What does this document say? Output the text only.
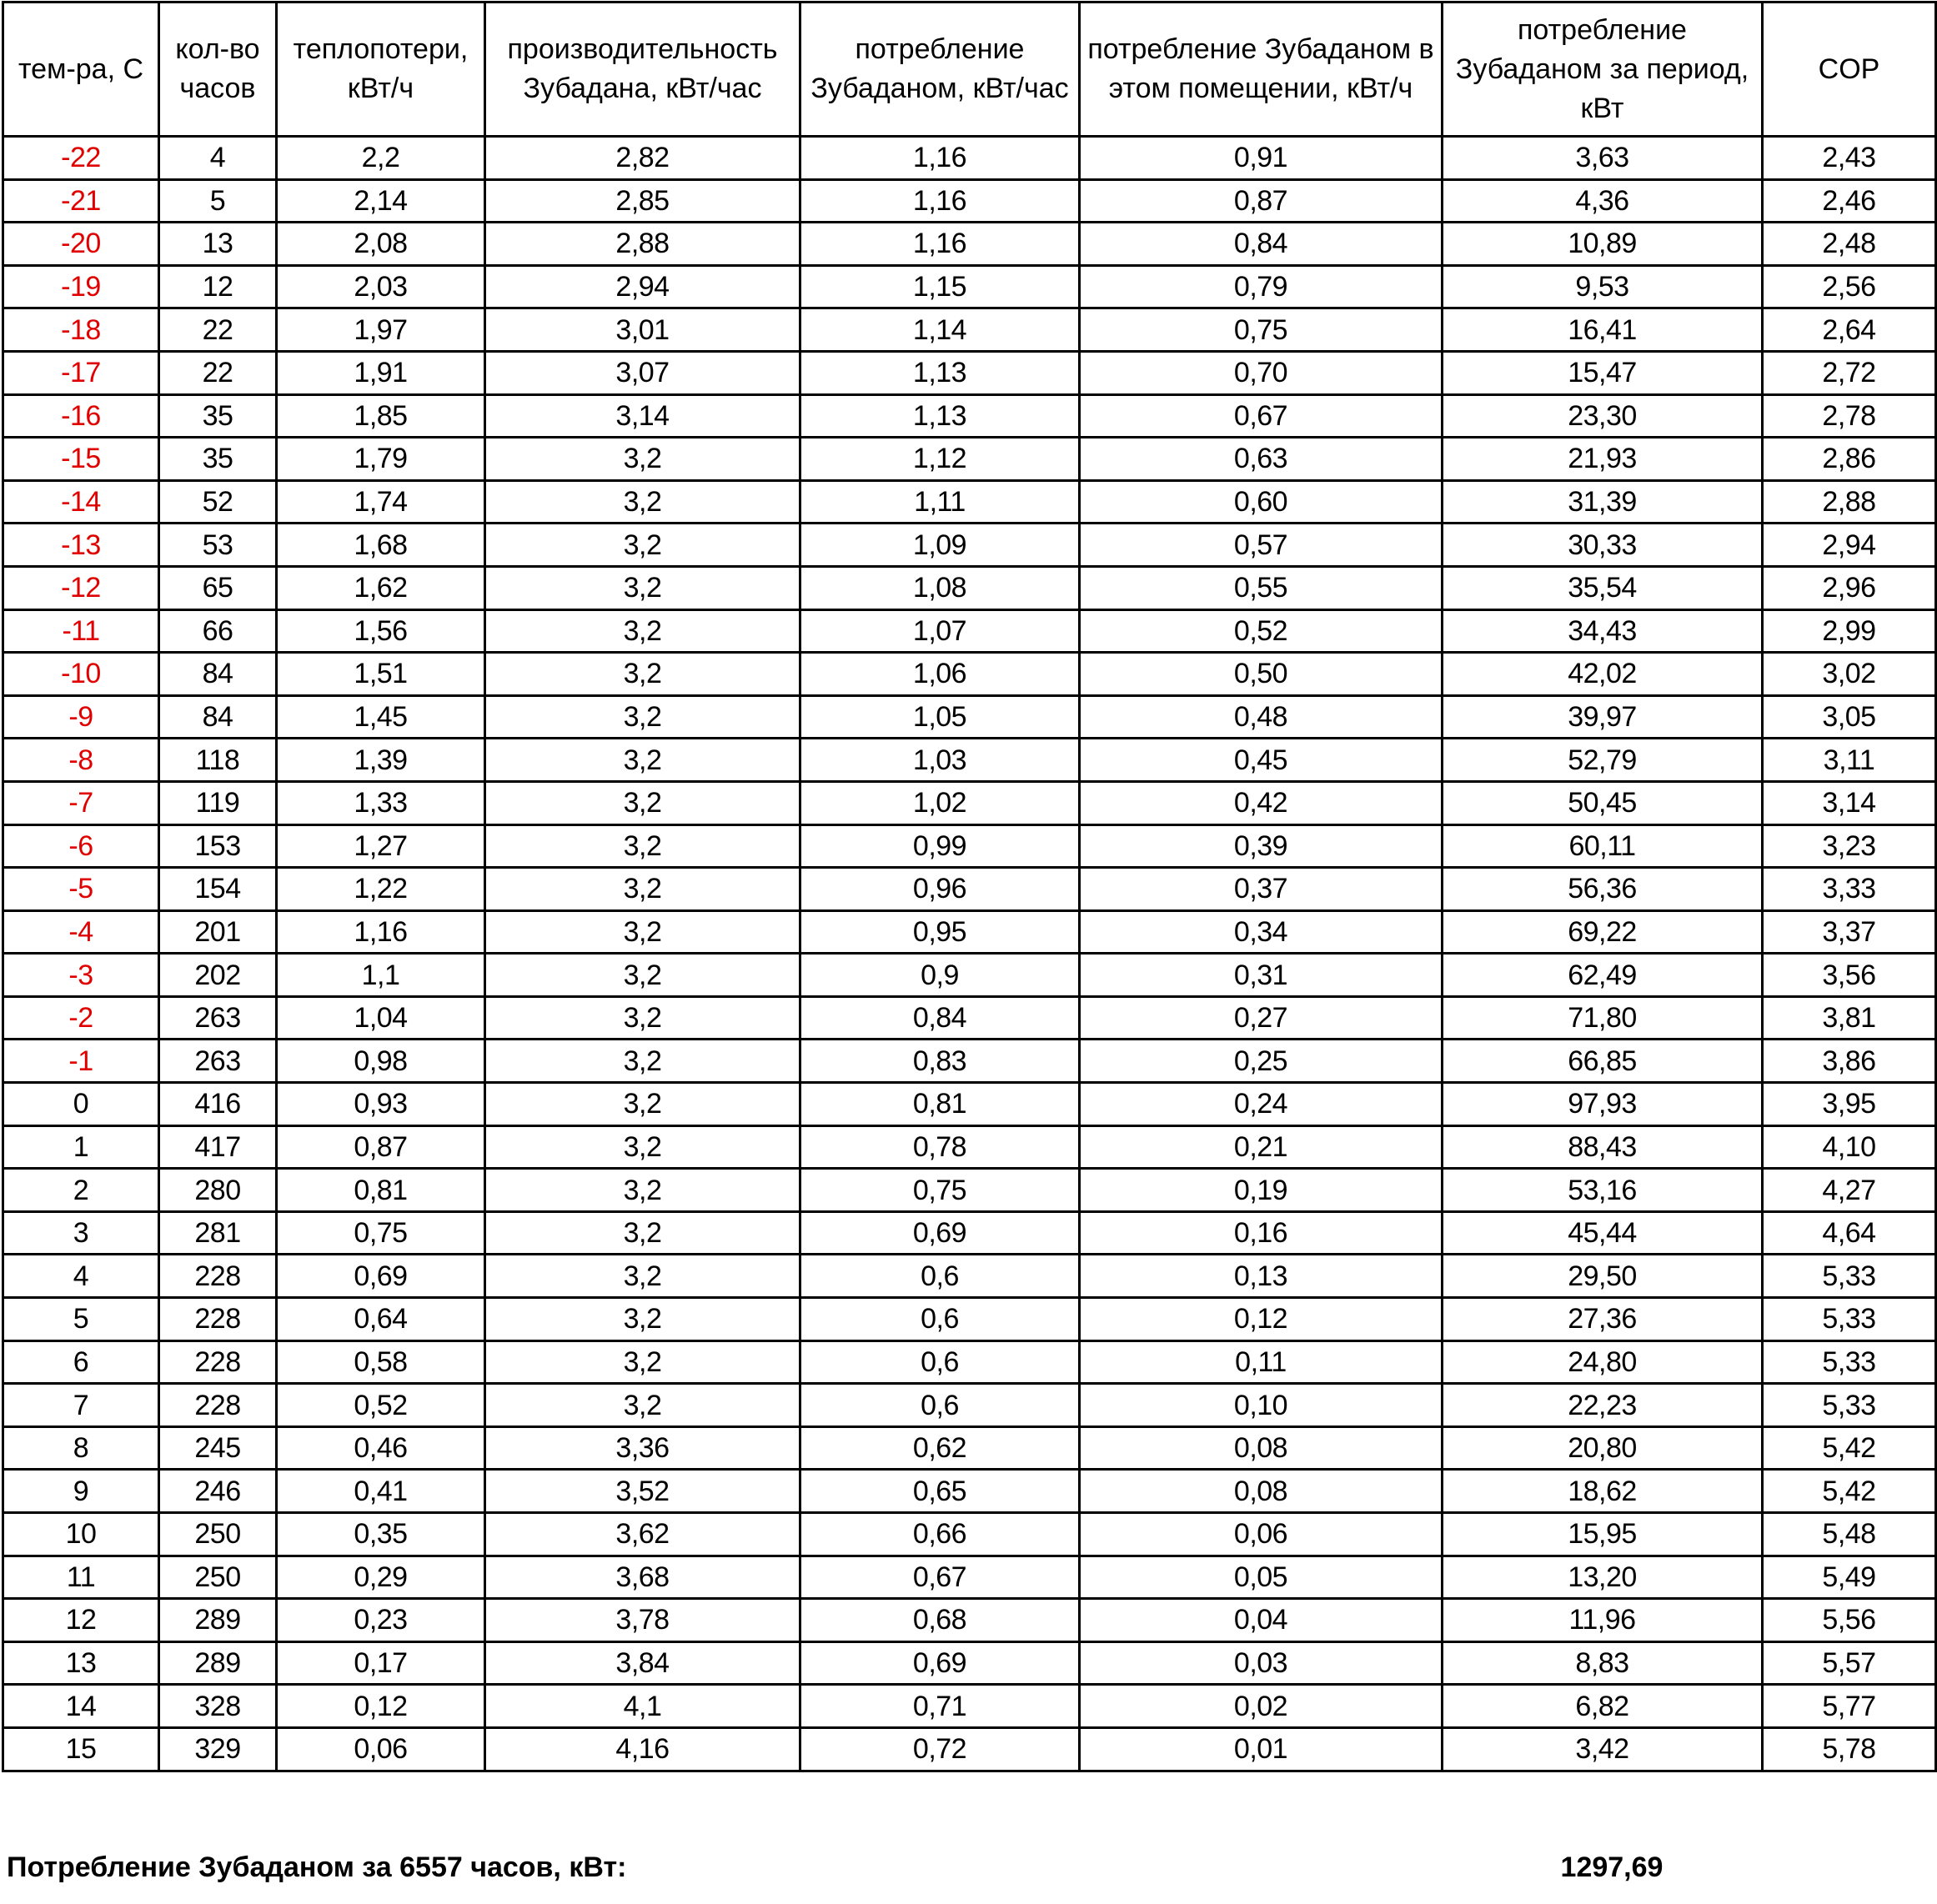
тем-ра, С	кол-во часов	теплопотери, кВт/ч	производительность Зубадана, кВт/час	потребление Зубаданом, кВт/час	потребление Зубаданом в этом помещении, кВт/ч	потребление Зубаданом за период, кВт	COP
-22	4	2,2	2,82	1,16	0,91	3,63	2,43
-21	5	2,14	2,85	1,16	0,87	4,36	2,46
-20	13	2,08	2,88	1,16	0,84	10,89	2,48
-19	12	2,03	2,94	1,15	0,79	9,53	2,56
-18	22	1,97	3,01	1,14	0,75	16,41	2,64
-17	22	1,91	3,07	1,13	0,70	15,47	2,72
-16	35	1,85	3,14	1,13	0,67	23,30	2,78
-15	35	1,79	3,2	1,12	0,63	21,93	2,86
-14	52	1,74	3,2	1,11	0,60	31,39	2,88
-13	53	1,68	3,2	1,09	0,57	30,33	2,94
-12	65	1,62	3,2	1,08	0,55	35,54	2,96
-11	66	1,56	3,2	1,07	0,52	34,43	2,99
-10	84	1,51	3,2	1,06	0,50	42,02	3,02
-9	84	1,45	3,2	1,05	0,48	39,97	3,05
-8	118	1,39	3,2	1,03	0,45	52,79	3,11
-7	119	1,33	3,2	1,02	0,42	50,45	3,14
-6	153	1,27	3,2	0,99	0,39	60,11	3,23
-5	154	1,22	3,2	0,96	0,37	56,36	3,33
-4	201	1,16	3,2	0,95	0,34	69,22	3,37
-3	202	1,1	3,2	0,9	0,31	62,49	3,56
-2	263	1,04	3,2	0,84	0,27	71,80	3,81
-1	263	0,98	3,2	0,83	0,25	66,85	3,86
0	416	0,93	3,2	0,81	0,24	97,93	3,95
1	417	0,87	3,2	0,78	0,21	88,43	4,10
2	280	0,81	3,2	0,75	0,19	53,16	4,27
3	281	0,75	3,2	0,69	0,16	45,44	4,64
4	228	0,69	3,2	0,6	0,13	29,50	5,33
5	228	0,64	3,2	0,6	0,12	27,36	5,33
6	228	0,58	3,2	0,6	0,11	24,80	5,33
7	228	0,52	3,2	0,6	0,10	22,23	5,33
8	245	0,46	3,36	0,62	0,08	20,80	5,42
9	246	0,41	3,52	0,65	0,08	18,62	5,42
10	250	0,35	3,62	0,66	0,06	15,95	5,48
11	250	0,29	3,68	0,67	0,05	13,20	5,49
12	289	0,23	3,78	0,68	0,04	11,96	5,56
13	289	0,17	3,84	0,69	0,03	8,83	5,57
14	328	0,12	4,1	0,71	0,02	6,82	5,77
15	329	0,06	4,16	0,72	0,01	3,42	5,78
Потребление Зубаданом за 6557 часов, кВт:	1297,69
